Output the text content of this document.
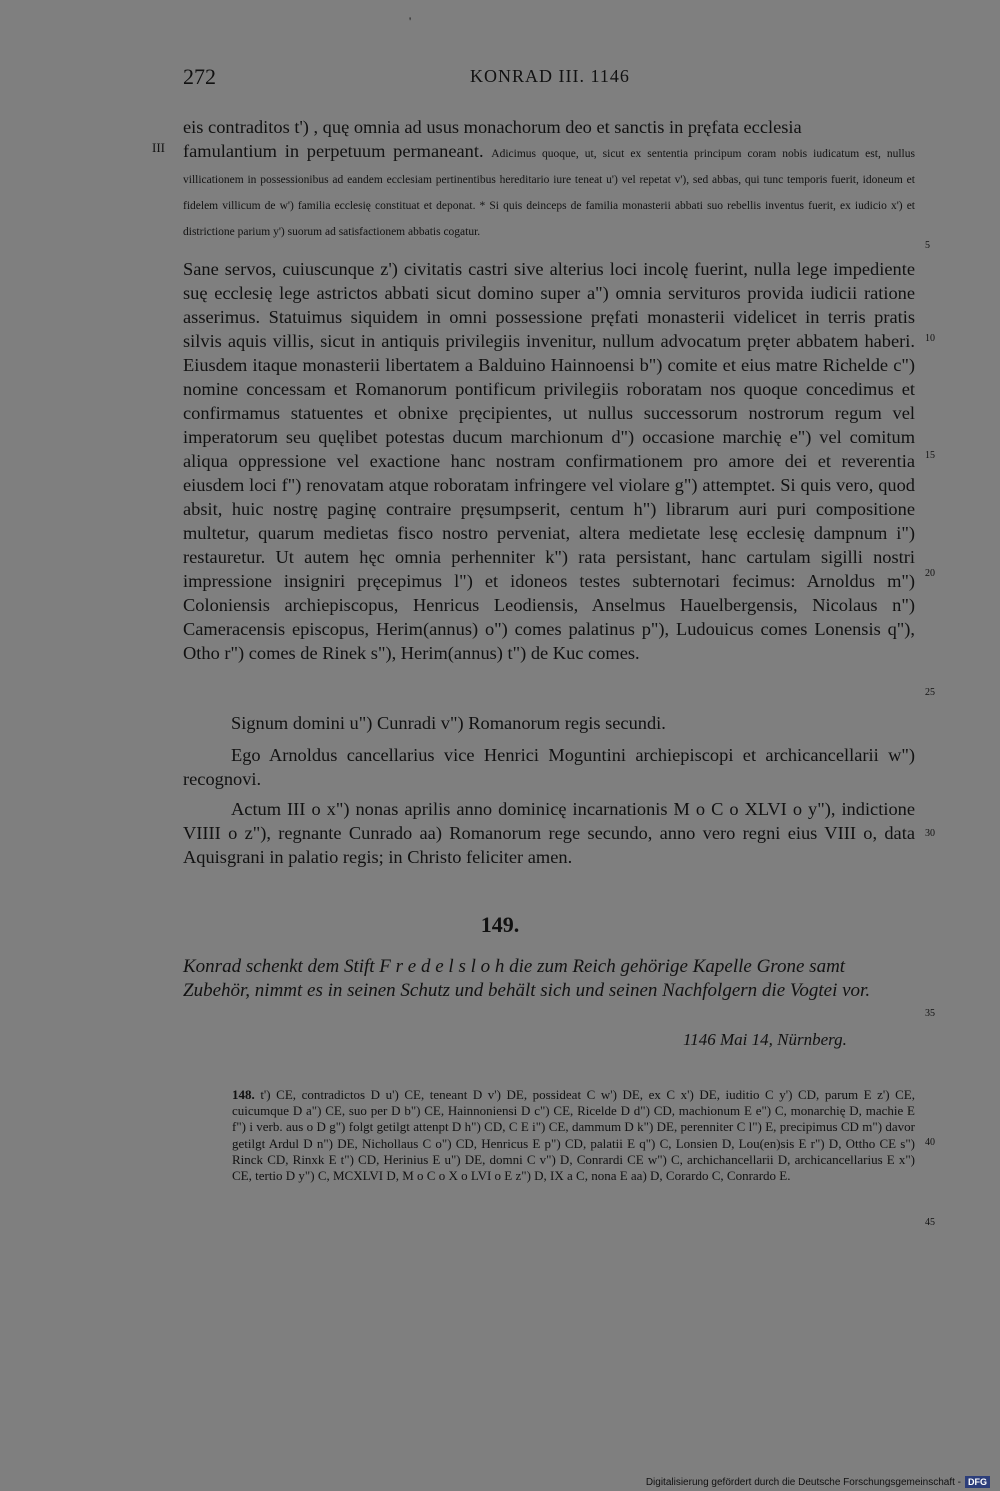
'
272	KONRAD III. 1146
III
eis contraditos t') , quę omnia ad usus monachorum deo et sanctis in pręfata ecclesia
famulantium in perpetuum permaneant. Adicimus quoque, ut, sicut ex sententia principum coram nobis iudicatum est, nullus villicationem in possessionibus ad eandem ecclesiam pertinentibus hereditario iure teneat u') vel repetat v'), sed abbas, qui tunc temporis fuerit, idoneum et fidelem villicum de w') familia ecclesię constituat et deponat. * Si quis deinceps de familia monasterii abbati suo rebellis inventus fuerit, ex iudicio x') et districtione parium y') suorum ad satisfactionem abbatis cogatur.
Sane servos, cuiuscunque z') civitatis castri sive alterius loci incolę fuerint, nulla lege impediente suę ecclesię lege astrictos abbati sicut domino super a") omnia servituros provida iudicii ratione asserimus. Statuimus siquidem in omni possessione pręfati monasterii videlicet in terris pratis silvis aquis villis, sicut in antiquis privilegiis invenitur, nullum advocatum pręter abbatem haberi. Eiusdem itaque monasterii libertatem a Balduino Hainnoensi b") comite et eius matre Richelde c") nomine concessam et Romanorum pontificum privilegiis roboratam nos quoque concedimus et confirmamus statuentes et obnixe pręcipientes, ut nullus successorum nostrorum regum vel imperatorum seu quęlibet potestas ducum marchionum d") occasione marchię e") vel comitum aliqua oppressione vel exactione hanc nostram confirmationem pro amore dei et reverentia eiusdem loci f") renovatam atque roboratam infringere vel violare g") attemptet. Si quis vero, quod absit, huic nostrę paginę contraire pręsumpserit, centum h") librarum auri puri compositione multetur, quarum medietas fisco nostro perveniat, altera medietate lesę ecclesię dampnum i") restauretur. Ut autem hęc omnia perhenniter k") rata persistant, hanc cartulam sigilli nostri impressione insigniri pręcepimus l") et idoneos testes subternotari fecimus: Arnoldus m") Coloniensis archiepiscopus, Henricus Leodiensis, Anselmus Hauelbergensis, Nicolaus n") Cameracensis episcopus, Herim(annus) o") comes palatinus p"), Ludouicus comes Lonensis q"), Otho r") comes de Rinek s"), Herim(annus) t") de Kuc comes.
Signum domini u") Cunradi v") Romanorum regis secundi.
Ego Arnoldus cancellarius vice Henrici Moguntini archiepiscopi et archicancellarii w") recognovi.
Actum III o x") nonas aprilis anno dominicę incarnationis M o C o XLVI o y"), indictione VIIII o z"), regnante Cunrado aa) Romanorum rege secundo, anno vero regni eius VIII o, data Aquisgrani in palatio regis; in Christo feliciter amen.
5
10
15
20
25
30
35
40
45
149.
Konrad schenkt dem Stift F r e d e l s l o h die zum Reich gehörige Kapelle Grone samt Zubehör, nimmt es in seinen Schutz und behält sich und seinen Nachfolgern die Vogtei vor.
1146 Mai 14, Nürnberg.
148. t') CE, contradictos D u') CE, teneant D v') DE, possideat C w') DE, ex C x') DE, iuditio C y') CD, parum E z') CE, cuicumque D a") CE, suo per D b") CE, Hainnoniensi D c") CE, Ricelde D d") CD, machionum E e") C, monarchię D, machie E f") i verb. aus o D g") folgt getilgt attenpt D h") CD, C E i") CE, dammum D k") DE, perenniter C l") E, precipimus CD m") davor getilgt Ardul D n") DE, Nichollaus C o") CD, Henricus E p") CD, palatii E q") C, Lonsien D, Lou(en)sis E r") D, Ottho CE s") Rinck CD, Rinxk E t") CD, Herinius E u") DE, domni C v") D, Conrardi CE w") C, archichancellarii D, archicancellarius E x") CE, tertio D y") C, MCXLVI D, M o C o X o LVI o E z") D, IX a C, nona E aa) D, Corardo C, Conrardo E.
Digitalisierung gefördert durch die Deutsche Forschungsgemeinschaft - DFG
